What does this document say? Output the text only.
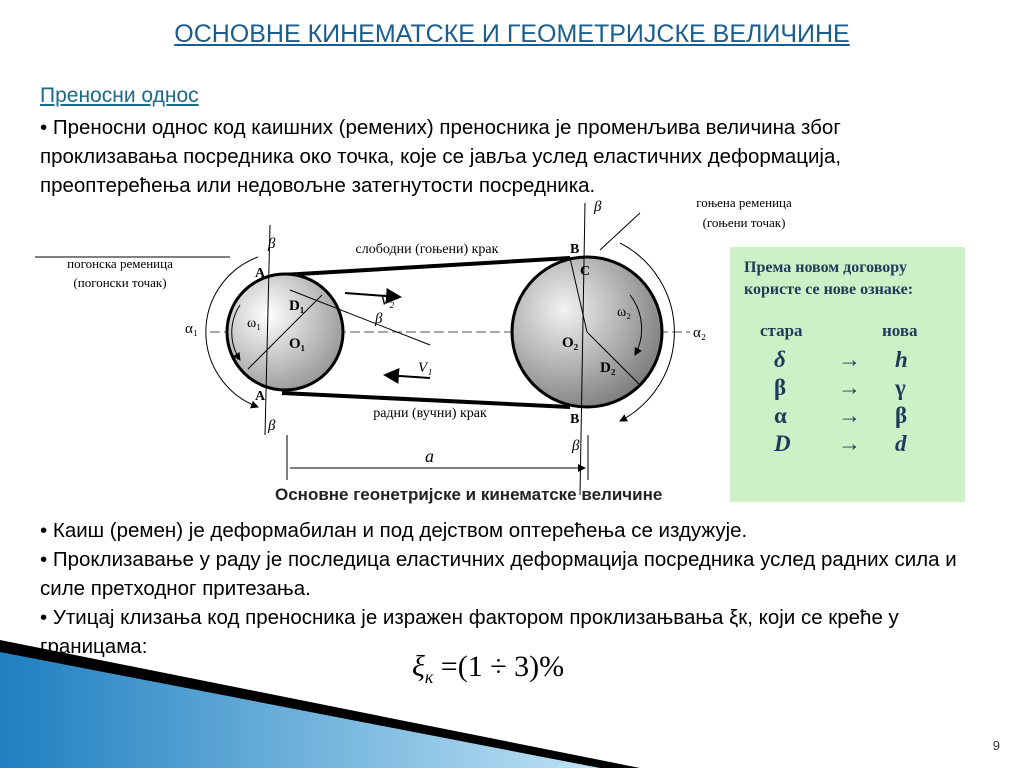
ОСНОВНЕ КИНЕМАТСКЕ И ГЕОМЕТРИЈСКЕ ВЕЛИЧИНЕ
Преносни однос
• Преносни однос код каишних (ремених) преносника је променљива величина због проклизавања посредника око точка, које се јавља услед еластичних деформација, преоптерећења или недовољне затегнутости посредника.
погонска ременица
(погонски точак)
гоњена ременица
(гоњени точак)
слободни (гоњени) крак
радни (вучни) крак
α₁	α₂
β
β
β
β
β
A
A
B
B
C
D₁
O₁
ω₁
O₂
D₂
ω₂
V₂
V₁
a
Основне геонетријске и кинематске величине
Према новом договору користе се нове ознаке:
стара	нова
δ → h
β → γ
α → β
D → d
• Каиш (ремен) је деформабилан и под дејством оптерећења се издужује.
• Проклизавање у раду је последица еластичних деформација посредника услед радних сила и силе претходног притезања.
• Утицај клизања код преносника је изражен фактором проклизањвања ξк, који се креће у границама:
$\xi_к =(1 \div 3)\%$
9
